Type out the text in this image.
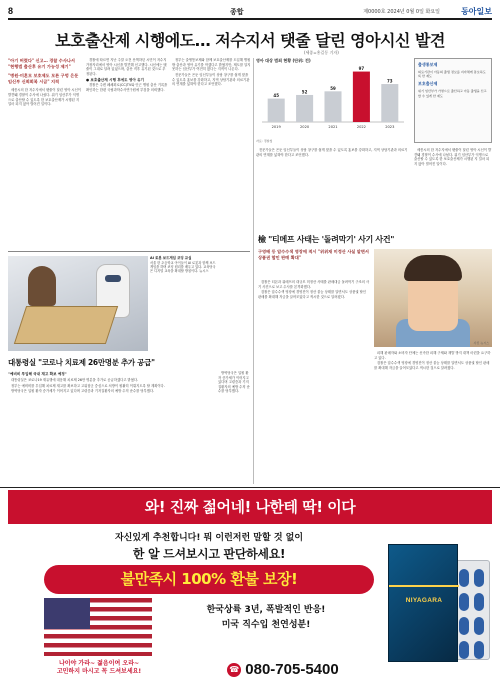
8	종합	제0000호 2024년 0월 0일 화요일	동아일보
보호출산제 시행에도… 저수지서 탯줄 달린 영아시신 발견
(세종=홍길동 기자)
"아기 버렸다" 신고… 경찰 수사나서 "현행법 출산후 유기 가능성 제기"
"병원·미혼모 보호제도 모른 구멍 은둔 임신부 신뢰회복 시급" 지적

세종시의 한 저수지에서 탯줄이 달린 영아 시신이 발견돼 경찰이 수사에 나섰다. 위기 임산부가 익명으로 출산할 수 있도록 한 보호출산제가 시행된 지 얼마 되지 않아 벌어진 일이다.

경찰에 따르면 지난 주말 오전 산책하던 시민이 저수지 가장자리에서 영아 시신을 발견해 신고했다. 시신에는 탯줄이 그대로 달려 있었으며, 출산 직후 유기된 것으로 추정된다.

● 보호출산제 시행 후에도 영아 유기

경찰은 주변 폐쇄회로(CC)TV와 인근 병원 출산 기록을 확인하는 한편 국립과학수사연구원에 부검을 의뢰했다.

정부는 출생통보제와 함께 보호출산제를 도입해 병원 밖 출산과 영아 유기를 막겠다고 밝혔지만, 제도를 알지 못하는 임산부가 여전히 많다는 지적이 나온다.

전문가들은 은둔 임신부들이 상담 창구를 쉽게 찾을 수 있도록 홍보를 강화하고, 지역 상담기관과 의료기관의 연계를 넓혀야 한다고 조언했다.

전문가들은 은둔 임신부들이 상담 창구를 쉽게 찾을 수 있도록 홍보를 강화하고, 지역 상담기관과 의료기관의 연계를 넓혀야 한다고 조언했다.

세종시의 한 저수지에서 탯줄이 달린 영아 시신이 발견돼 경찰이 수사에 나섰다. 위기 임산부가 익명으로 출산할 수 있도록 한 보호출산제가 시행된 지 얼마 되지 않아 벌어진 일이다.

영아 대상 범죄 현황 (단위: 건)
45
2019
52
2020
59
2021
97
2022
73
2023
자료: 경찰청
출생통보제
의료기관이 아동의 출생 정보를 지자체에 통보하도록 한 제도
보호출산제
위기 임산부가 가명으로 출산하고 아동 출생을 신고할 수 있게 한 제도
AI 로봇 보드게임 코딩 교실
서울 한 초등학교 아이들이 AI 로봇과 함께 보드게임을 하며 코딩 원리를 배우고 있다. 교육당국은 디지털 교육을 확대할 방침이다. 뉴시스
대통령실 "코로나 치료제 26만명분 추가 공급"
"예비비 투입해 국내 재고 확보 예정"

대통령실은 코로나19 재유행에 대응해 치료제 26만 명분을 추가로 공급하겠다고 밝혔다.

정부는 예비비를 투입해 치료제 재고를 확보하고 고위험군 중심으로 처방이 원활히 이뤄지도록 할 계획이다.

방역당국은 입원 환자 증가세가 이어지고 있다며 고령층과 기저질환자의 예방 수칙 준수를 당부했다.

방역당국은 입원 환자 증가세가 이어지고 있다며 고령층과 기저질환자의 예방 수칙 준수를 당부했다.

檢 "티메프 사태는 '돌려막기' 사기 사건"
구영배 등 압수수색 영장에 적시 "위위재 미정산 사실 알면서 상품권 할인 판매 확대"
사진 뉴시스

검찰은 티몬과 위메프의 대규모 미정산 사태를 판매대금 돌려막기 구조의 사기 사건으로 보고 수사를 본격화했다.

검찰은 압수수색 영장에 경영진이 정산 불능 상태를 알면서도 상품권 할인 판매를 확대해 자금을 끌어모았다고 적시한 것으로 알려졌다.

피해 판매자와 소비자 단체는 신속한 피해 구제와 재발 방지 대책 마련을 요구하고 있다.

검찰은 압수수색 영장에 경영진이 정산 불능 상태를 알면서도 상품권 할인 판매를 확대해 자금을 끌어모았다고 적시한 것으로 알려졌다.

와! 진짜 젊어네! 나한테 딱! 이다
자신있게 추천합니다! 뭐 이런저런 말할 것 없이
한 알 드셔보시고 판단하세요!
불만족시 100% 환불 보장!
한국상륙 3년, 폭발적인 반응!
미국 직수입 천연성분!
나이야 가라~ 젊음이여 오라~
고민하지 마시고 꼭 드셔보세요!	☎ 080-705-5400
NIYAGARA
